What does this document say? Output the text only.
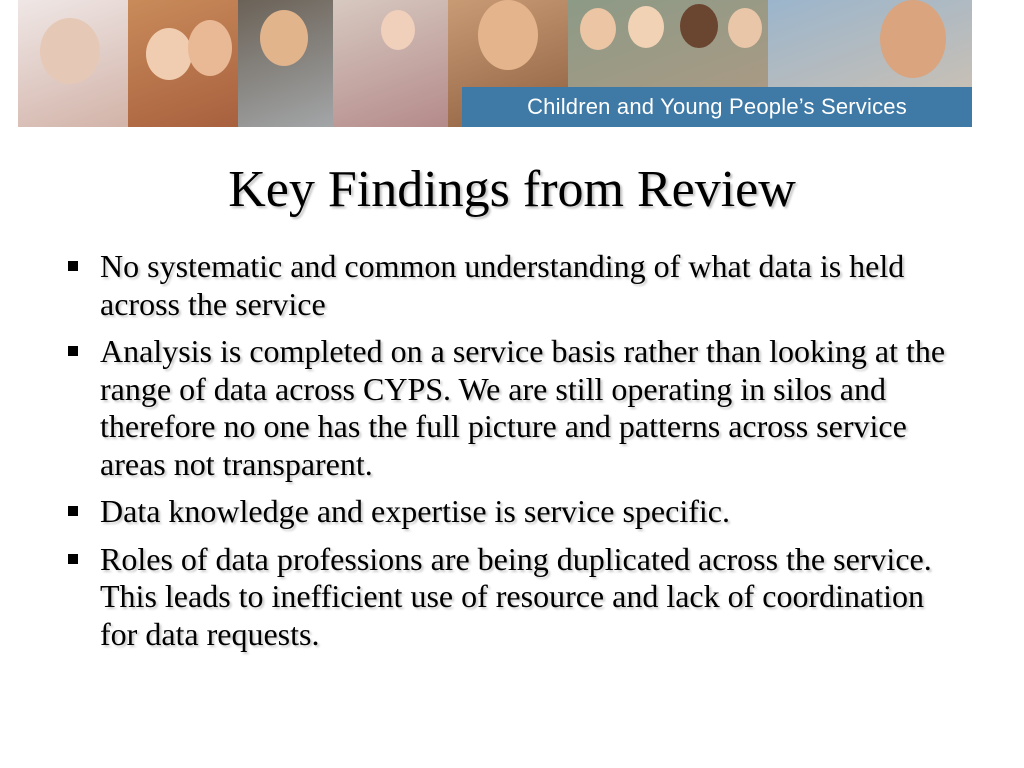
Children and Young People’s Services
Key Findings from Review
No systematic and common understanding of what data is held across the service
Analysis is completed on a service basis rather than looking at the range of data across CYPS. We are still operating in silos and therefore no one has the full picture and patterns across service areas not transparent.
Data knowledge and expertise is service specific.
Roles of data professions are being duplicated across the service. This leads to inefficient use of resource and lack of coordination for data requests.
